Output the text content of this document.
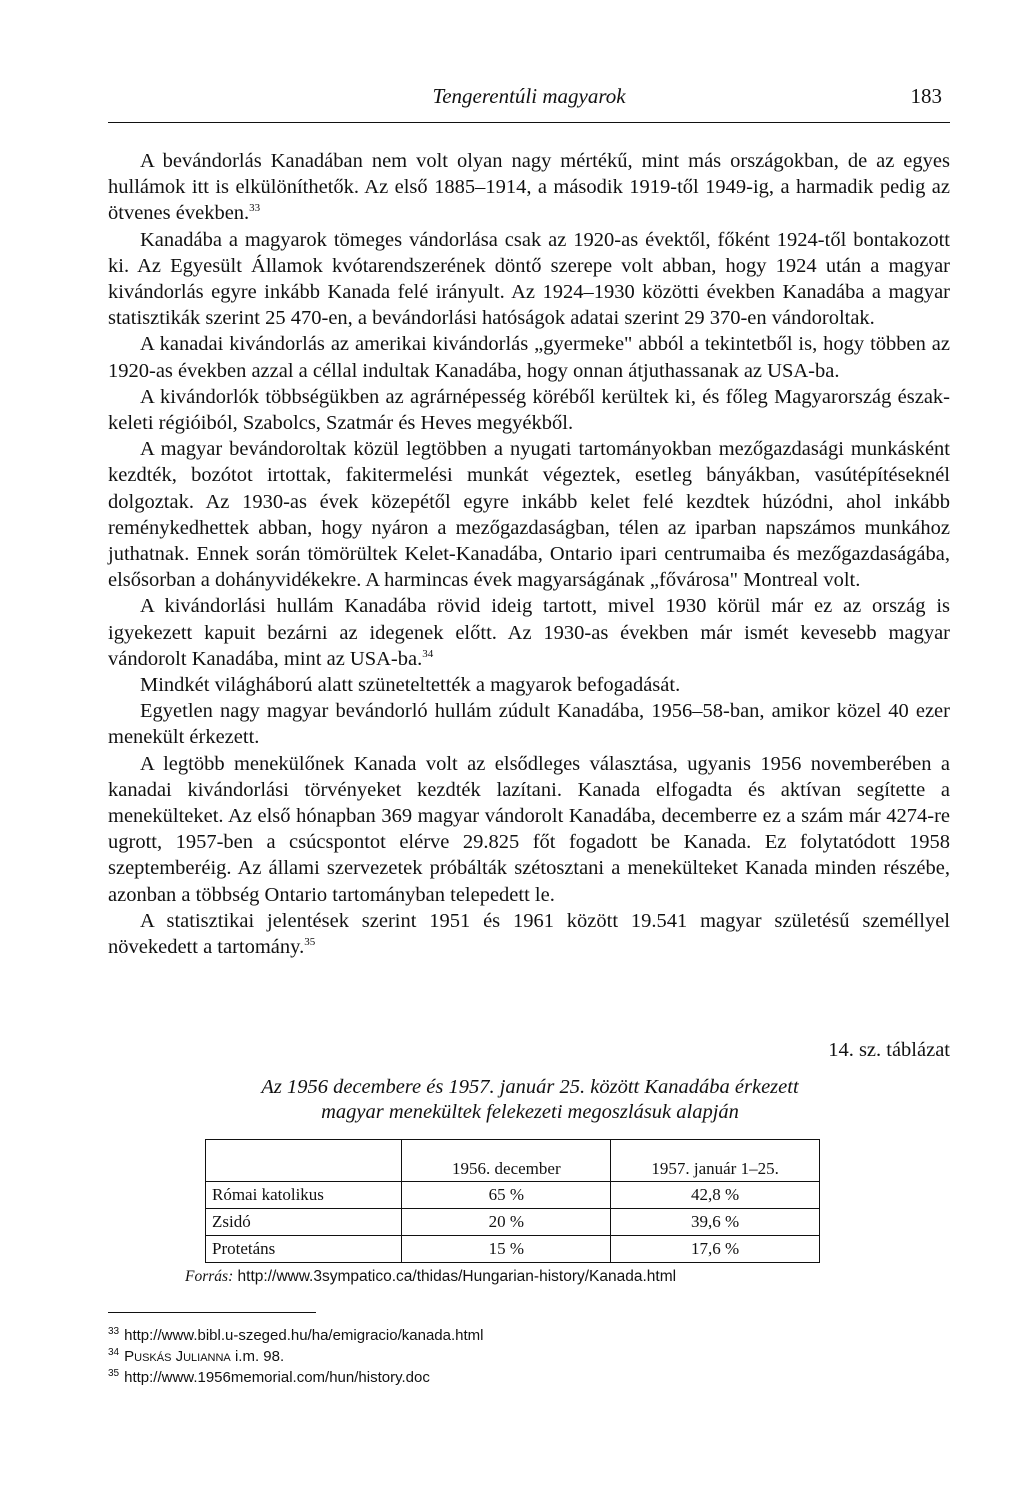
Tengerentúli magyarok	183

A bevándorlás Kanadában nem volt olyan nagy mértékű, mint más országokban, de az egyes hullámok itt is elkülöníthetők. Az első 1885–1914, a második 1919-től 1949-ig, a harmadik pedig az ötvenes években.$^{33}$

Kanadába a magyarok tömeges vándorlása csak az 1920-as évektől, főként 1924-től bontakozott ki. Az Egyesült Államok kvótarendszerének döntő szerepe volt abban, hogy 1924 után a magyar kivándorlás egyre inkább Kanada felé irányult. Az 1924–1930 közötti években Kanadába a magyar statisztikák szerint 25 470-en, a bevándorlási hatóságok adatai szerint 29 370-en vándoroltak.

A kanadai kivándorlás az amerikai kivándorlás „gyermeke" abból a tekintetből is, hogy többen az 1920-as években azzal a céllal indultak Kanadába, hogy onnan átjuthassanak az USA-ba.

A kivándorlók többségükben az agrárnépesség köréből kerültek ki, és főleg Magyarország észak-keleti régióiból, Szabolcs, Szatmár és Heves megyékből.

A magyar bevándoroltak közül legtöbben a nyugati tartományokban mezőgazdasági munkásként kezdték, bozótot irtottak, fakitermelési munkát végeztek, esetleg bányákban, vasútépítéseknél dolgoztak. Az 1930-as évek közepétől egyre inkább kelet felé kezdtek húzódni, ahol inkább reménykedhettek abban, hogy nyáron a mezőgazdaságban, télen az iparban napszámos munkához juthatnak. Ennek során tömörültek Kelet-Kanadába, Ontario ipari centrumaiba és mezőgazdaságába, elsősorban a dohányvidékekre. A harmincas évek magyarságának „fővárosa" Montreal volt.

A kivándorlási hullám Kanadába rövid ideig tartott, mivel 1930 körül már ez az ország is igyekezett kapuit bezárni az idegenek előtt. Az 1930-as években már ismét kevesebb magyar vándorolt Kanadába, mint az USA-ba.$^{34}$

Mindkét világháború alatt szüneteltették a magyarok befogadását.

Egyetlen nagy magyar bevándorló hullám zúdult Kanadába, 1956–58-ban, amikor közel 40 ezer menekült érkezett.

A legtöbb menekülőnek Kanada volt az elsődleges választása, ugyanis 1956 novemberében a kanadai kivándorlási törvényeket kezdték lazítani. Kanada elfogadta és aktívan segítette a menekülteket. Az első hónapban 369 magyar vándorolt Kanadába, decemberre ez a szám már 4274-re ugrott, 1957-ben a csúcspontot elérve 29.825 főt fogadott be Kanada. Ez folytatódott 1958 szeptemberéig. Az állami szervezetek próbálták szétosztani a menekülteket Kanada minden részébe, azonban a többség Ontario tartományban telepedett le.

A statisztikai jelentések szerint 1951 és 1961 között 19.541 magyar születésű személlyel növekedett a tartomány.$^{35}$

14. sz. táblázat
Az 1956 decembere és 1957. január 25. között Kanadába érkezett
magyar menekültek felekezeti megoszlásuk alapján
	1956. december	1957. január 1–25.
Római katolikus	65 %	42,8 %
Zsidó	20 %	39,6 %
Protetáns	15 %	17,6 %
Forrás: http://www.3sympatico.ca/thidas/Hungarian-history/Kanada.html
$^{33}$ http://www.bibl.u-szeged.hu/ha/emigracio/kanada.html
$^{34}$ Puskás Julianna i.m. 98.
$^{35}$ http://www.1956memorial.com/hun/history.doc
